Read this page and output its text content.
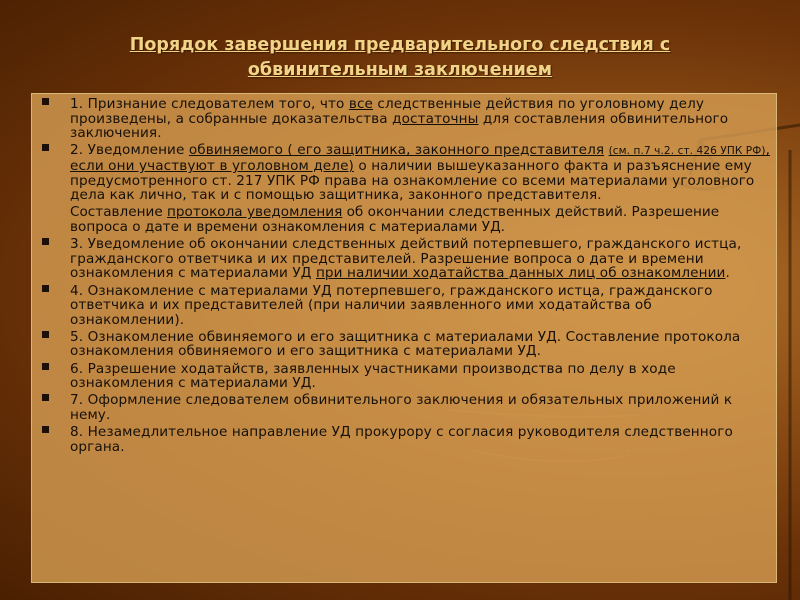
Порядок завершения предварительного следствия с обвинительным заключением
1. Признание следователем того, что все следственные действия по уголовному делу произведены, а собранные доказательства достаточны для составления обвинительного заключения.
2. Уведомление обвиняемого ( его защитника, законного представителя (см. п.7 ч.2. ст. 426 УПК РФ), если они участвуют в уголовном деле) о наличии вышеуказанного факта и разъяснение ему предусмотренного ст. 217 УПК РФ права на ознакомление со всеми материалами уголовного дела как лично, так и с помощью защитника, законного представителя.
Составление протокола уведомления об окончании следственных действий. Разрешение вопроса о дате и времени ознакомления с материалами УД.
3. Уведомление об окончании следственных действий потерпевшего, гражданского истца, гражданского ответчика и их представителей. Разрешение вопроса о дате и времени ознакомления с материалами УД при наличии ходатайства данных лиц об ознакомлении.
4. Ознакомление с материалами УД потерпевшего, гражданского истца, гражданского ответчика и их представителей (при наличии заявленного ими ходатайства об ознакомлении).
5. Ознакомление обвиняемого и его защитника с материалами УД. Составление протокола ознакомления обвиняемого и его защитника с материалами УД.
6. Разрешение ходатайств, заявленных участниками производства по делу в ходе ознакомления с материалами УД.
7. Оформление следователем обвинительного заключения и обязательных приложений к нему.
8. Незамедлительное направление УД прокурору с согласия руководителя следственного органа.
